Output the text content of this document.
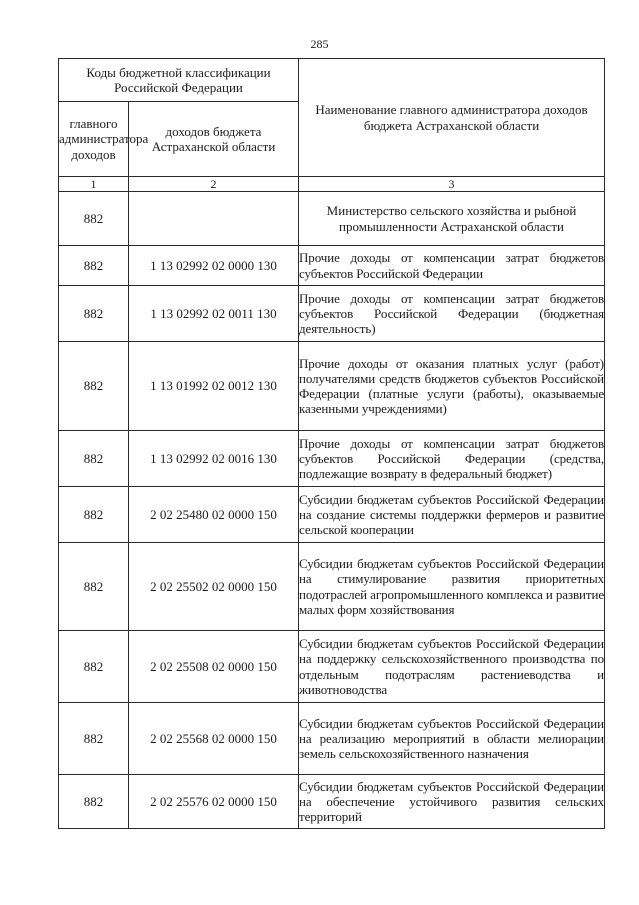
285
Коды бюджетной классификации Российской Федерации		Наименование главного администратора доходов бюджета Астраханской области
главного администратора доходов	доходов бюджета Астраханской области	
1	2	3
882		Министерство сельского хозяйства и рыбной промышленности Астраханской области
882	1 13 02992 02 0000 130	Прочие доходы от компенсации затрат бюджетов субъектов Российской Федерации
882	1 13 02992 02 0011 130	Прочие доходы от компенсации затрат бюджетов субъектов Российской Федерации (бюджетная деятельность)
882	1 13 01992 02 0012 130	Прочие доходы от оказания платных услуг (работ) получателями средств бюджетов субъектов Российской Федерации (платные услуги (работы), оказываемые казенными учреждениями)
882	1 13 02992 02 0016 130	Прочие доходы от компенсации затрат бюджетов субъектов Российской Федерации (средства, подлежащие возврату в федеральный бюджет)
882	2 02 25480 02 0000 150	Субсидии бюджетам субъектов Российской Федерации на создание системы поддержки фермеров и развитие сельской кооперации
882	2 02 25502 02 0000 150	Субсидии бюджетам субъектов Российской Федерации на стимулирование развития приоритетных подотраслей агропромышленного комплекса и развитие малых форм хозяйствования
882	2 02 25508 02 0000 150	Субсидии бюджетам субъектов Российской Федерации на поддержку сельскохозяйственного производства по отдельным подотраслям растениеводства и животноводства
882	2 02 25568 02 0000 150	Субсидии бюджетам субъектов Российской Федерации на реализацию мероприятий в области мелиорации земель сельскохозяйственного назначения
882	2 02 25576 02 0000 150	Субсидии бюджетам субъектов Российской Федерации на обеспечение устойчивого развития сельских территорий
